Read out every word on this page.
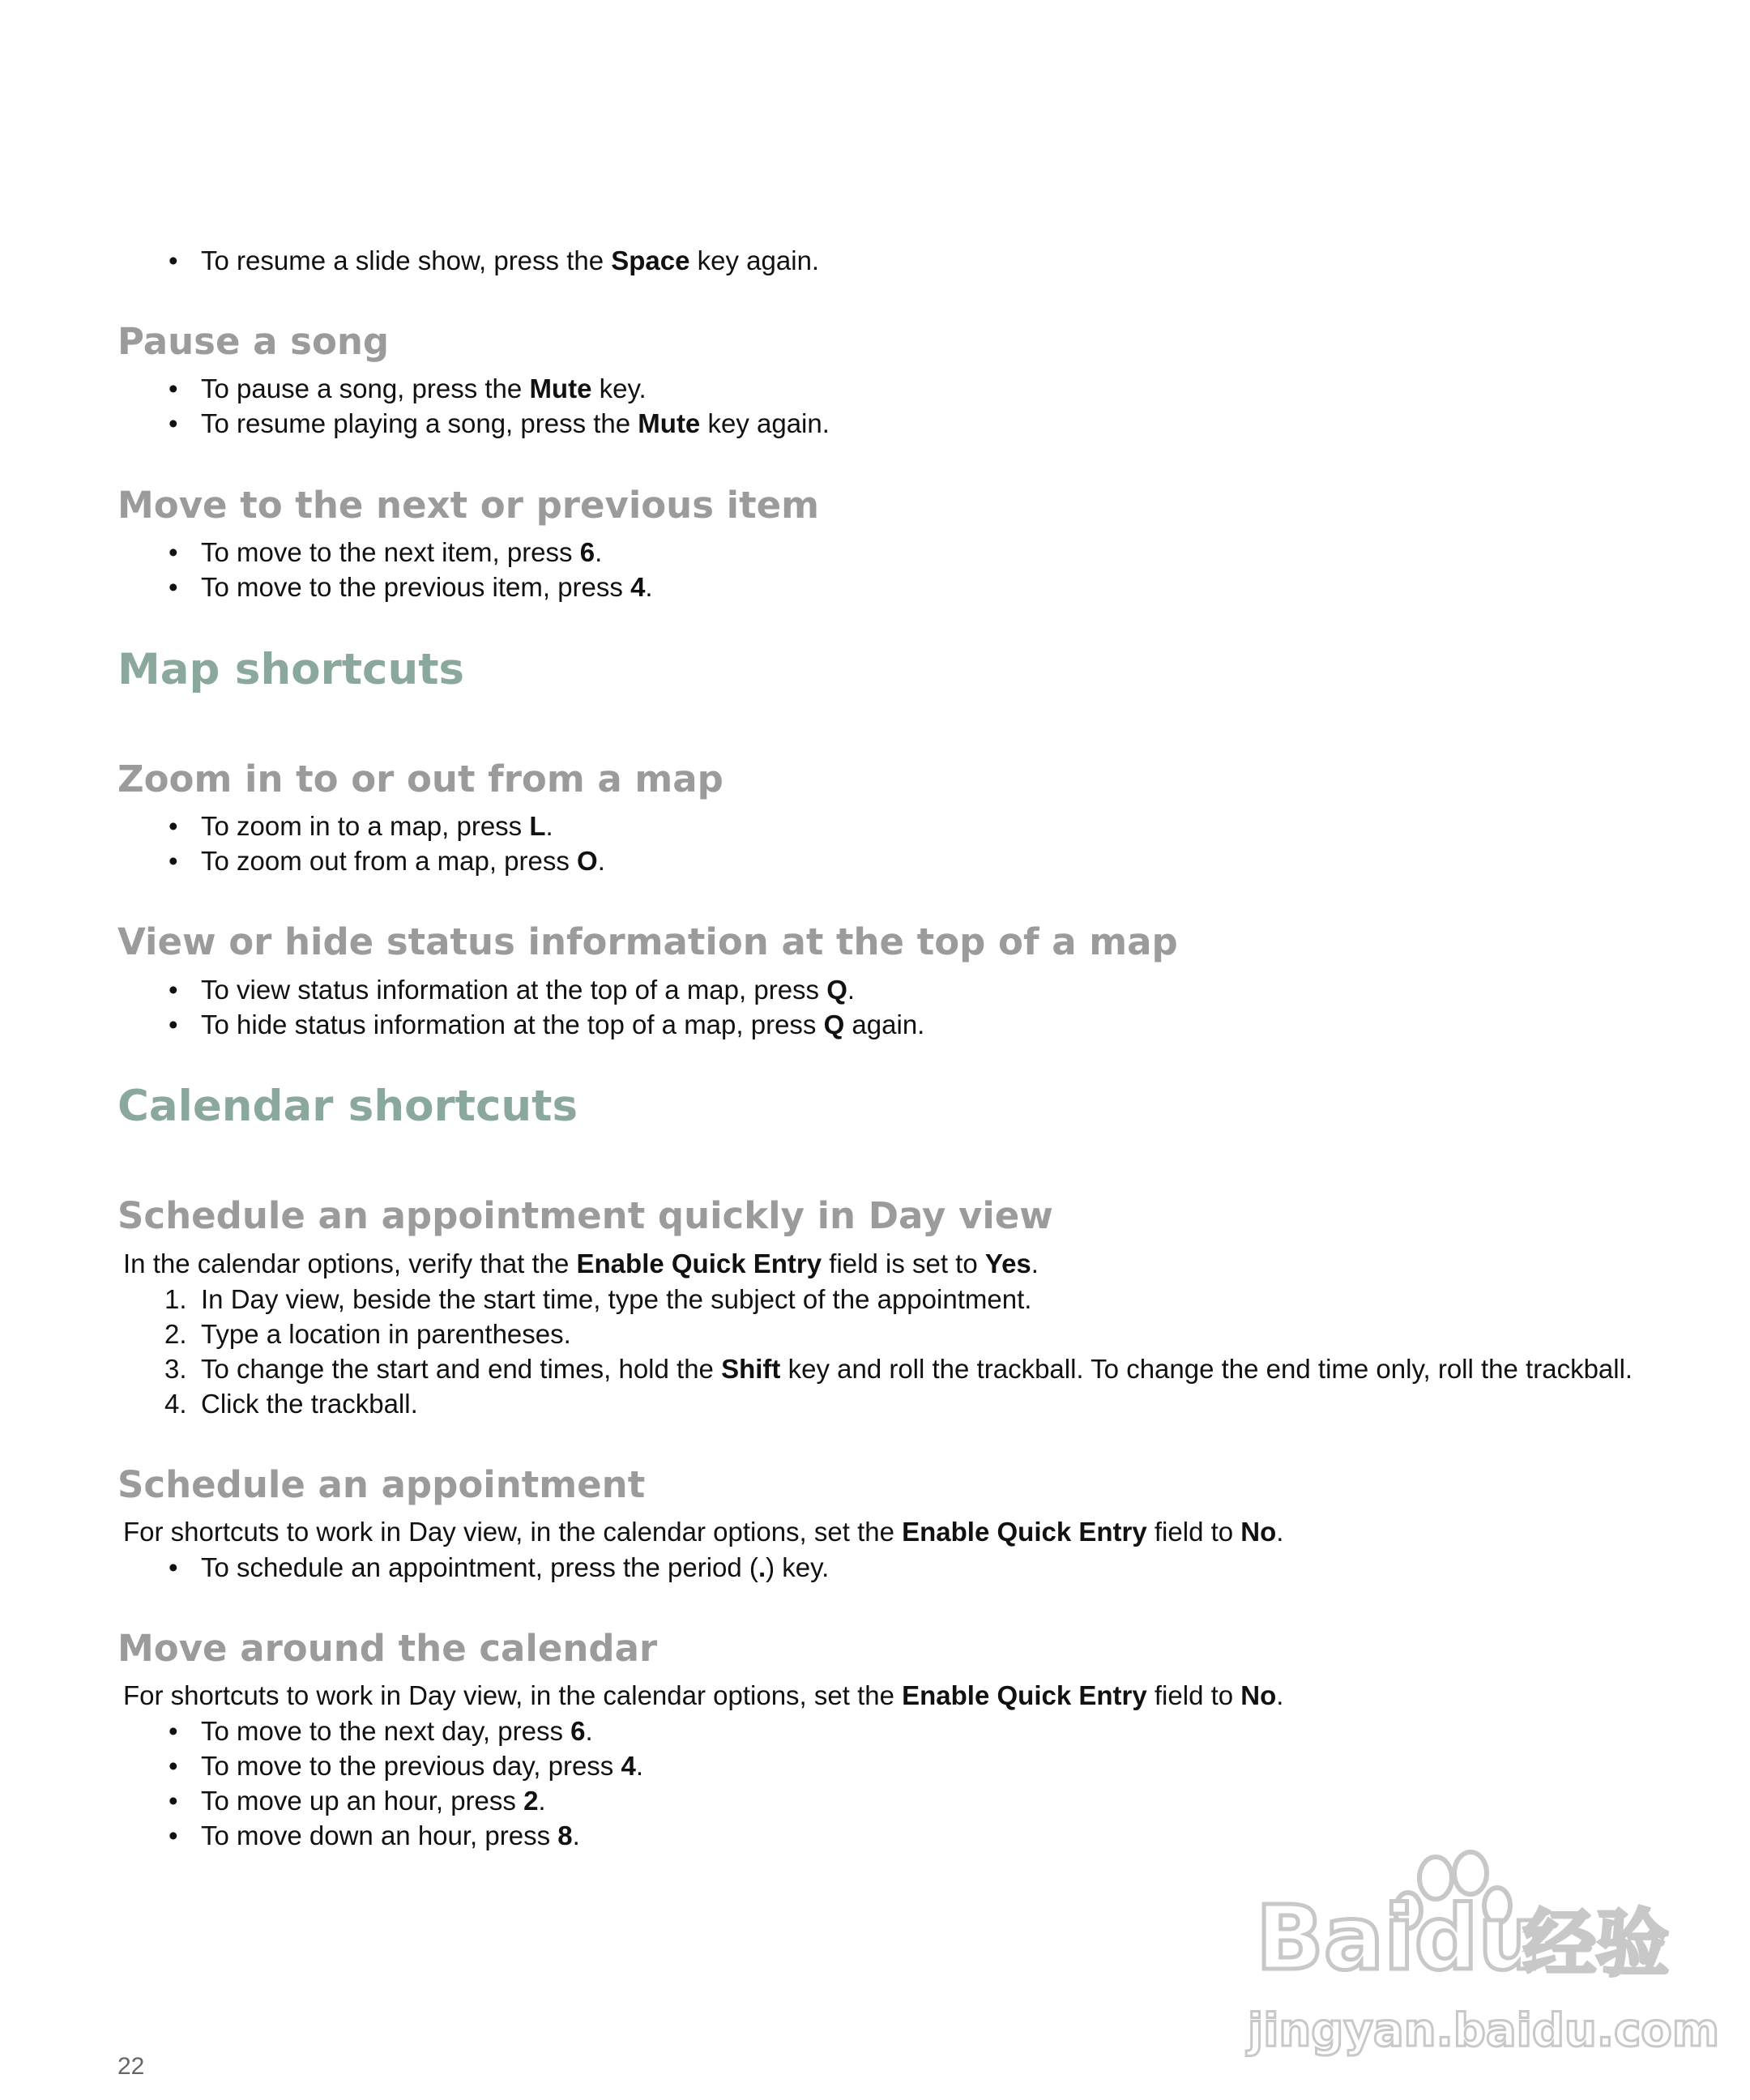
• To resume a slide show, press the Space key again.
Pause a song
• To pause a song, press the Mute key.
• To resume playing a song, press the Mute key again.
Move to the next or previous item
• To move to the next item, press 6.
• To move to the previous item, press 4.
Map shortcuts
Zoom in to or out from a map
• To zoom in to a map, press L.
• To zoom out from a map, press O.
View or hide status information at the top of a map
• To view status information at the top of a map, press Q.
• To hide status information at the top of a map, press Q again.
Calendar shortcuts
Schedule an appointment quickly in Day view
In the calendar options, verify that the Enable Quick Entry field is set to Yes.
1. In Day view, beside the start time, type the subject of the appointment.
2. Type a location in parentheses.
3. To change the start and end times, hold the Shift key and roll the trackball. To change the end time only, roll the trackball.
4. Click the trackball.
Schedule an appointment
For shortcuts to work in Day view, in the calendar options, set the Enable Quick Entry field to No.
• To schedule an appointment, press the period (.) key.
Move around the calendar
For shortcuts to work in Day view, in the calendar options, set the Enable Quick Entry field to No.
• To move to the next day, press 6.
• To move to the previous day, press 4.
• To move up an hour, press 2.
• To move down an hour, press 8.
Baidu
经验
jingyan.baidu.com
22
